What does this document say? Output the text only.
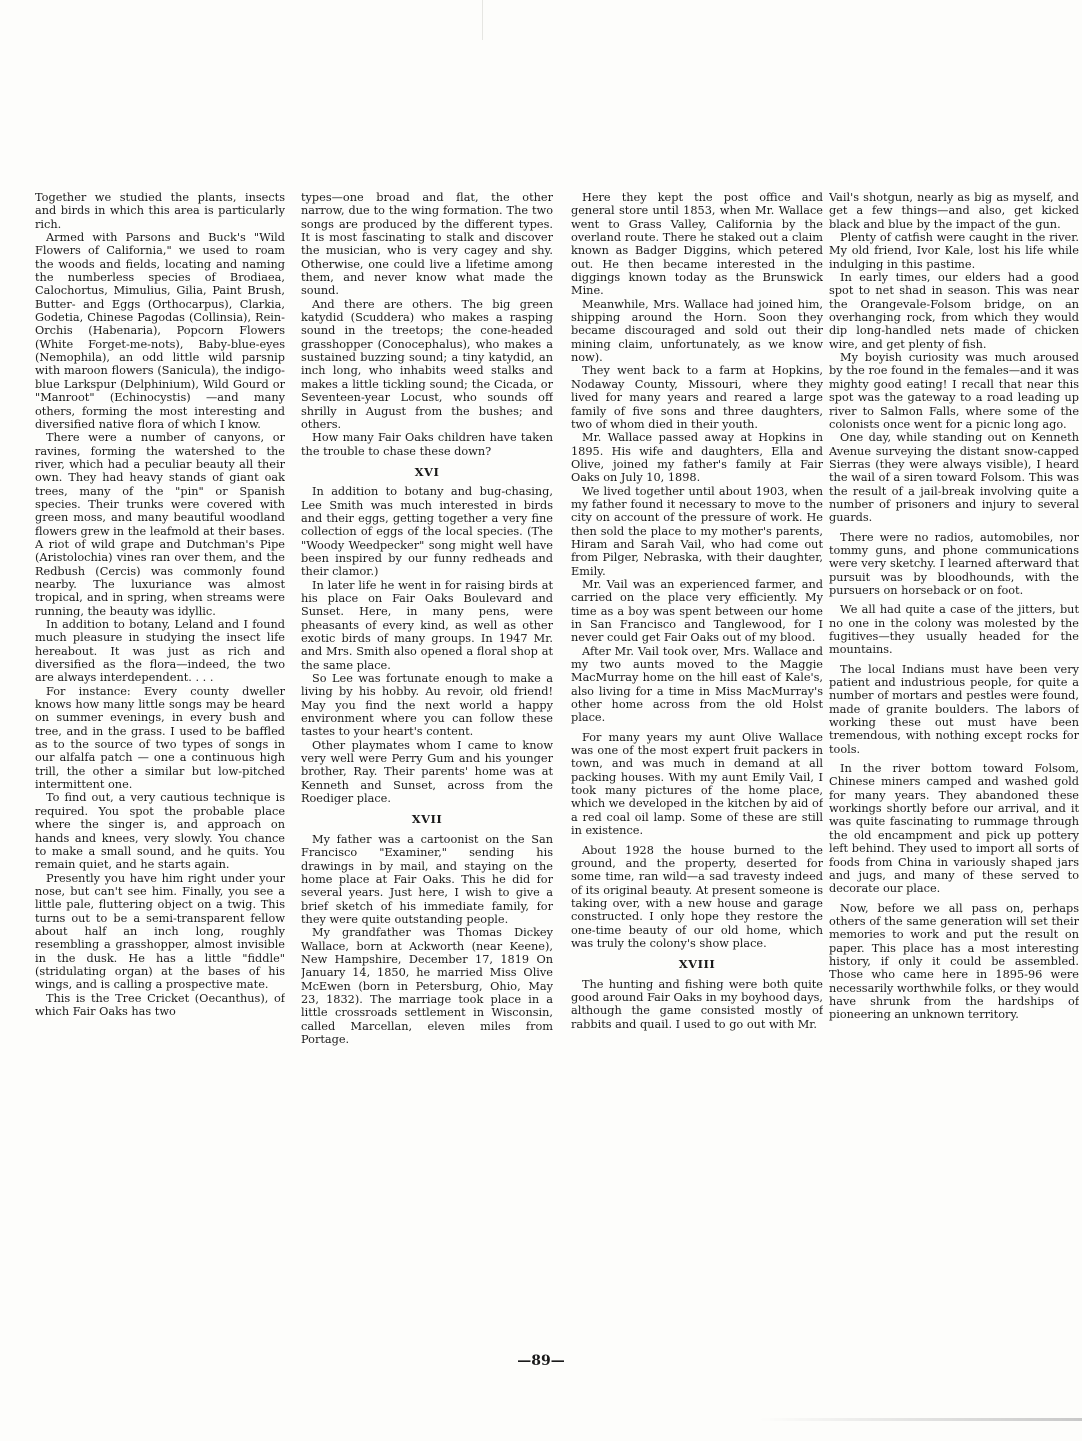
Together we studied the plants, insects and birds in which this area is particularly rich.

Armed with Parsons and Buck's "Wild Flowers of California," we used to roam the woods and fields, locating and naming the numberless species of Brodiaea, Calochortus, Mimulius, Gilia, Paint Brush, Butter- and Eggs (Orthocarpus), Clarkia, Godetia, Chinese Pagodas (Collinsia), Rein-Orchis (Habenaria), Popcorn Flowers (White Forget-me-nots), Baby-blue-eyes (Nemophila), an odd little wild parsnip with maroon flowers (Sanicula), the indigo-blue Larkspur (Delphinium), Wild Gourd or "Manroot" (Echinocystis) —and many others, forming the most interesting and diversified native flora of which I know.

There were a number of canyons, or ravines, forming the watershed to the river, which had a peculiar beauty all their own. They had heavy stands of giant oak trees, many of the "pin" or Spanish species. Their trunks were covered with green moss, and many beautiful woodland flowers grew in the leafmold at their bases. A riot of wild grape and Dutchman's Pipe (Aristolochia) vines ran over them, and the Redbush (Cercis) was commonly found nearby. The luxuriance was almost tropical, and in spring, when streams were running, the beauty was idyllic.

In addition to botany, Leland and I found much pleasure in studying the insect life hereabout. It was just as rich and diversified as the flora—indeed, the two are always interdependent. . . .

For instance: Every county dweller knows how many little songs may be heard on summer evenings, in every bush and tree, and in the grass. I used to be baffled as to the source of two types of songs in our alfalfa patch — one a continuous high trill, the other a similar but low-pitched intermittent one.

To find out, a very cautious technique is required. You spot the probable place where the singer is, and approach on hands and knees, very slowly. You chance to make a small sound, and he quits. You remain quiet, and he starts again.

Presently you have him right under your nose, but can't see him. Finally, you see a little pale, fluttering object on a twig. This turns out to be a semi-transparent fellow about half an inch long, roughly resembling a grasshopper, almost invisible in the dusk. He has a little "fiddle" (stridulating organ) at the bases of his wings, and is calling a prospective mate.

This is the Tree Cricket (Oecanthus), of which Fair Oaks has two

types—one broad and flat, the other narrow, due to the wing formation. The two songs are produced by the different types. It is most fascinating to stalk and discover the musician, who is very cagey and shy. Otherwise, one could live a lifetime among them, and never know what made the sound.

And there are others. The big green katydid (Scuddera) who makes a rasping sound in the treetops; the cone-headed grasshopper (Conocephalus), who makes a sustained buzzing sound; a tiny katydid, an inch long, who inhabits weed stalks and makes a little tickling sound; the Cicada, or Seventeen-year Locust, who sounds off shrilly in August from the bushes; and others.

How many Fair Oaks children have taken the trouble to chase these down?

XVI

In addition to botany and bug-chasing, Lee Smith was much interested in birds and their eggs, getting together a very fine collection of eggs of the local species. (The "Woody Weedpecker" song might well have been inspired by our funny redheads and their clamor.)

In later life he went in for raising birds at his place on Fair Oaks Boulevard and Sunset. Here, in many pens, were pheasants of every kind, as well as other exotic birds of many groups. In 1947 Mr. and Mrs. Smith also opened a floral shop at the same place.

So Lee was fortunate enough to make a living by his hobby. Au revoir, old friend! May you find the next world a happy environment where you can follow these tastes to your heart's content.

Other playmates whom I came to know very well were Perry Gum and his younger brother, Ray. Their parents' home was at Kenneth and Sunset, across from the Roediger place.

XVII

My father was a cartoonist on the San Francisco "Examiner," sending his drawings in by mail, and staying on the home place at Fair Oaks. This he did for several years. Just here, I wish to give a brief sketch of his immediate family, for they were quite outstanding people.

My grandfather was Thomas Dickey Wallace, born at Ackworth (near Keene), New Hampshire, December 17, 1819 On January 14, 1850, he married Miss Olive McEwen (born in Petersburg, Ohio, May 23, 1832). The marriage took place in a little crossroads settlement in Wisconsin, called Marcellan, eleven miles from Portage.

Here they kept the post office and general store until 1853, when Mr. Wallace went to Grass Valley, California by the overland route. There he staked out a claim known as Badger Diggins, which petered out. He then became interested in the diggings known today as the Brunswick Mine.

Meanwhile, Mrs. Wallace had joined him, shipping around the Horn. Soon they became discouraged and sold out their mining claim, unfortunately, as we know now).

They went back to a farm at Hopkins, Nodaway County, Missouri, where they lived for many years and reared a large family of five sons and three daughters, two of whom died in their youth.

Mr. Wallace passed away at Hopkins in 1895. His wife and daughters, Ella and Olive, joined my father's family at Fair Oaks on July 10, 1898.

We lived together until about 1903, when my father found it necessary to move to the city on account of the pressure of work. He then sold the place to my mother's parents, Hiram and Sarah Vail, who had come out from Pilger, Nebraska, with their daughter, Emily.

Mr. Vail was an experienced farmer, and carried on the place very efficiently. My time as a boy was spent between our home in San Francisco and Tanglewood, for I never could get Fair Oaks out of my blood.

After Mr. Vail took over, Mrs. Wallace and my two aunts moved to the Maggie MacMurray home on the hill east of Kale's, also living for a time in Miss MacMurray's other home across from the old Holst place.

For many years my aunt Olive Wallace was one of the most expert fruit packers in town, and was much in demand at all packing houses. With my aunt Emily Vail, I took many pictures of the home place, which we developed in the kitchen by aid of a red coal oil lamp. Some of these are still in existence.

About 1928 the house burned to the ground, and the property, deserted for some time, ran wild—a sad travesty indeed of its original beauty. At present someone is taking over, with a new house and garage constructed. I only hope they restore the one-time beauty of our old home, which was truly the colony's show place.

XVIII

The hunting and fishing were both quite good around Fair Oaks in my boyhood days, although the game consisted mostly of rabbits and quail. I used to go out with Mr.

Vail's shotgun, nearly as big as myself, and get a few things—and also, get kicked black and blue by the impact of the gun.

Plenty of catfish were caught in the river. My old friend, Ivor Kale, lost his life while indulging in this pastime.

In early times, our elders had a good spot to net shad in season. This was near the Orangevale-Folsom bridge, on an overhanging rock, from which they would dip long-handled nets made of chicken wire, and get plenty of fish.

My boyish curiosity was much aroused by the roe found in the females—and it was mighty good eating! I recall that near this spot was the gateway to a road leading up river to Salmon Falls, where some of the colonists once went for a picnic long ago.

One day, while standing out on Kenneth Avenue surveying the distant snow-capped Sierras (they were always visible), I heard the wail of a siren toward Folsom. This was the result of a jail-break involving quite a number of prisoners and injury to several guards.

There were no radios, automobiles, nor tommy guns, and phone communications were very sketchy. I learned afterward that pursuit was by bloodhounds, with the pursuers on horseback or on foot.

We all had quite a case of the jitters, but no one in the colony was molested by the fugitives—they usually headed for the mountains.

The local Indians must have been very patient and industrious people, for quite a number of mortars and pestles were found, made of granite boulders. The labors of working these out must have been tremendous, with nothing except rocks for tools.

In the river bottom toward Folsom, Chinese miners camped and washed gold for many years. They abandoned these workings shortly before our arrival, and it was quite fascinating to rummage through the old encampment and pick up pottery left behind. They used to import all sorts of foods from China in variously shaped jars and jugs, and many of these served to decorate our place.

Now, before we all pass on, perhaps others of the same generation will set their memories to work and put the result on paper. This place has a most interesting history, if only it could be assembled. Those who came here in 1895-96 were necessarily worthwhile folks, or they would have shrunk from the hardships of pioneering an unknown territory.

—89—
